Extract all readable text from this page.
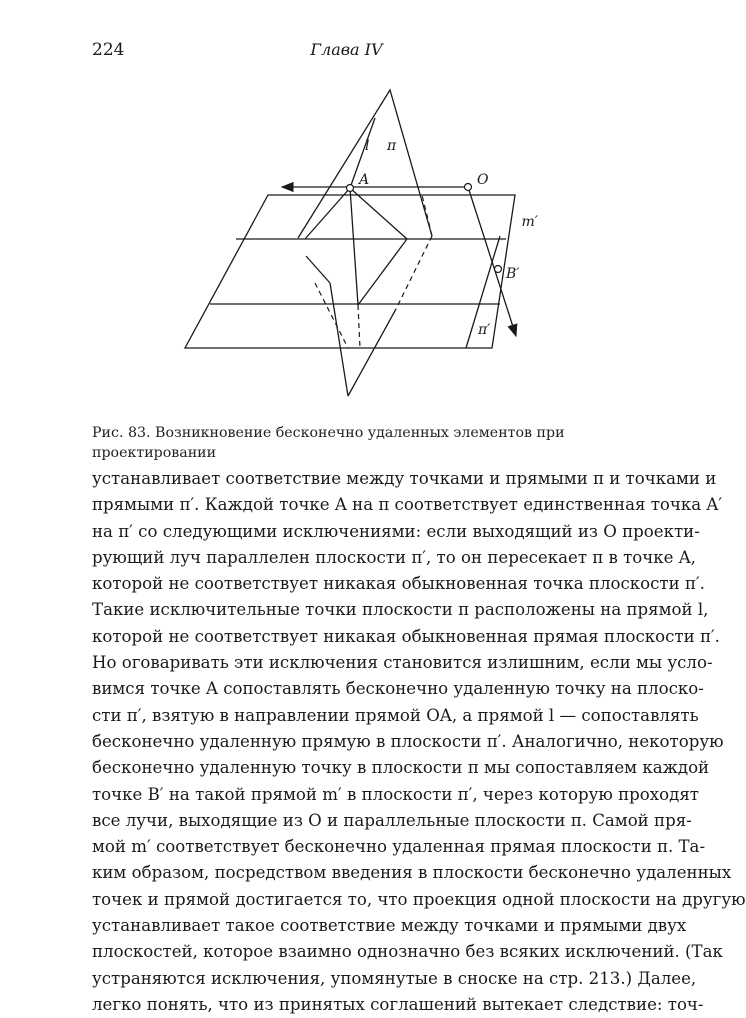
224	Глава IV
l π
A	O
m′
B′
π′
Рис. 83. Возникновение бесконечно удаленных элементов при проектировании
устанавливает соответствие между точками и прямыми π и точками и
прямыми π′. Каждой точке A на π соответствует единственная точка A′
на π′ со следующими исключениями: если выходящий из O проекти-
рующий луч параллелен плоскости π′, то он пересекает π в точке A,
которой не соответствует никакая обыкновенная точка плоскости π′.
Такие исключительные точки плоскости π расположены на прямой l,
которой не соответствует никакая обыкновенная прямая плоскости π′.
Но оговаривать эти исключения становится излишним, если мы усло-
вимся точке A сопоставлять бесконечно удаленную точку на плоско-
сти π′, взятую в направлении прямой OA, а прямой l — сопоставлять
бесконечно удаленную прямую в плоскости π′. Аналогично, некоторую
бесконечно удаленную точку в плоскости π мы сопоставляем каждой
точке B′ на такой прямой m′ в плоскости π′, через которую проходят
все лучи, выходящие из O и параллельные плоскости π. Самой пря-
мой m′ соответствует бесконечно удаленная прямая плоскости π. Та-
ким образом, посредством введения в плоскости бесконечно удаленных
точек и прямой достигается то, что проекция одной плоскости на другую
устанавливает такое соответствие между точками и прямыми двух
плоскостей, которое взаимно однозначно без всяких исключений. (Так
устраняются исключения, упомянутые в сноске на стр. 213.) Далее,
легко понять, что из принятых соглашений вытекает следствие: точ-
